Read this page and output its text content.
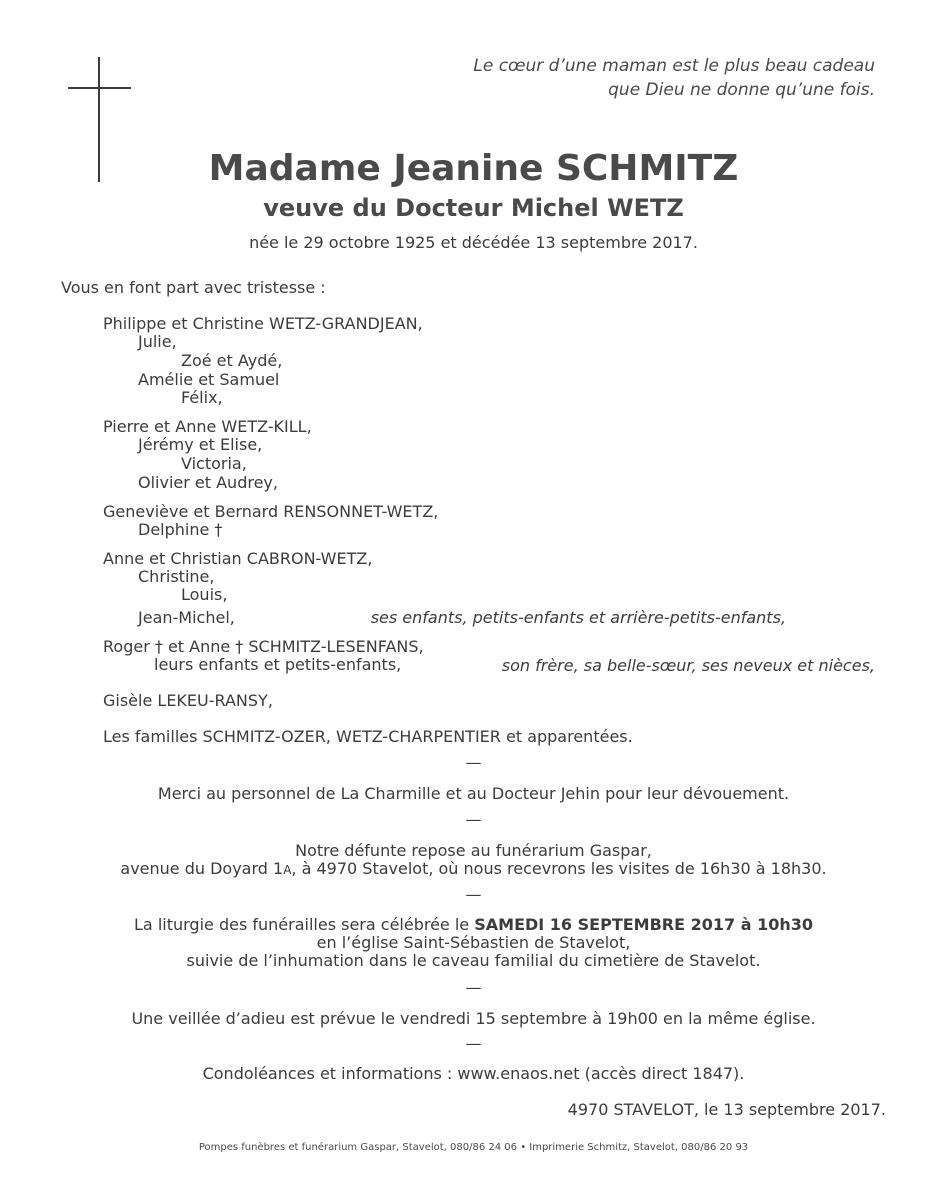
Le cœur d’une maman est le plus beau cadeau
que Dieu ne donne qu’une fois.
Madame Jeanine SCHMITZ
veuve du Docteur Michel WETZ
née le 29 octobre 1925 et décédée 13 septembre 2017.
Vous en font part avec tristesse :
Philippe et Christine WETZ-GRANDJEAN,
Julie,
Zoé et Aydé,
Amélie et Samuel
Félix,
Pierre et Anne WETZ-KILL,
Jérémy et Elise,
Victoria,
Olivier et Audrey,
Geneviève et Bernard RENSONNET-WETZ,
Delphine †
Anne et Christian CABRON-WETZ,
Christine,
Louis,
Jean-Michel,	ses enfants, petits-enfants et arrière-petits-enfants,
Roger † et Anne † SCHMITZ-LESENFANS,
leurs enfants et petits-enfants,	son frère, sa belle-sœur, ses neveux et nièces,
Gisèle LEKEU-RANSY,
Les familles SCHMITZ-OZER, WETZ-CHARPENTIER et apparentées.
—
Merci au personnel de La Charmille et au Docteur Jehin pour leur dévouement.
—
Notre défunte repose au funérarium Gaspar,
avenue du Doyard 1A, à 4970 Stavelot, où nous recevrons les visites de 16h30 à 18h30.
—
La liturgie des funérailles sera célébrée le SAMEDI 16 SEPTEMBRE 2017 à 10h30
en l’église Saint-Sébastien de Stavelot,
suivie de l’inhumation dans le caveau familial du cimetière de Stavelot.
—
Une veillée d’adieu est prévue le vendredi 15 septembre à 19h00 en la même église.
—
Condoléances et informations : www.enaos.net (accès direct 1847).
4970 STAVELOT, le 13 septembre 2017.
Pompes funèbres et funérarium Gaspar, Stavelot, 080/86 24 06 • Imprimerie Schmitz, Stavelot, 080/86 20 93
